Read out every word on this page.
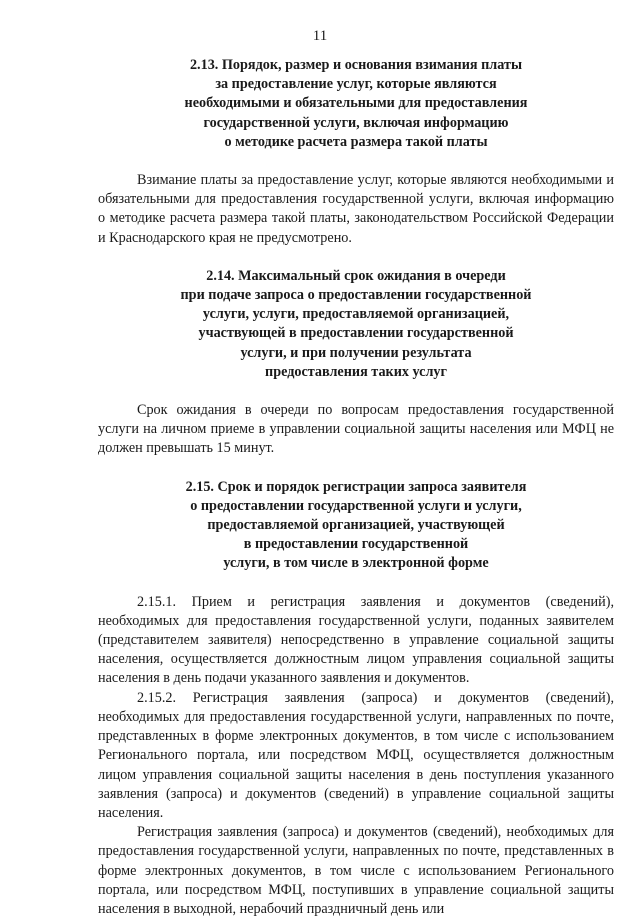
11
2.13. Порядок, размер и основания взимания платы
за предоставление услуг, которые являются
необходимыми и обязательными для предоставления
государственной услуги, включая информацию
о методике расчета размера такой платы

Взимание платы за предоставление услуг, которые являются необходимыми и обязательными для предоставления государственной услуги, включая информацию о методике расчета размера такой платы, законодательством Российской Федерации и Краснодарского края не предусмотрено.

2.14. Максимальный срок ожидания в очереди
при подаче запроса о предоставлении государственной
услуги, услуги, предоставляемой организацией,
участвующей в предоставлении государственной
услуги, и при получении результата
предоставления таких услуг

Срок ожидания в очереди по вопросам предоставления государственной услуги на личном приеме в управлении социальной защиты населения или МФЦ не должен превышать 15 минут.

2.15. Срок и порядок регистрации запроса заявителя
о предоставлении государственной услуги и услуги,
предоставляемой организацией, участвующей
в предоставлении государственной
услуги, в том числе в электронной форме

2.15.1. Прием и регистрация заявления и документов (сведений), необходимых для предоставления государственной услуги, поданных заявителем (представителем заявителя) непосредственно в управление социальной защиты населения, осуществляется должностным лицом управления социальной защиты населения в день подачи указанного заявления и документов.

2.15.2. Регистрация заявления (запроса) и документов (сведений), необходимых для предоставления государственной услуги, направленных по почте, представленных в форме электронных документов, в том числе с использованием Регионального портала, или посредством МФЦ, осуществляется должностным лицом управления социальной защиты населения в день поступления указанного заявления (запроса) и документов (сведений) в управление социальной защиты населения.

Регистрация заявления (запроса) и документов (сведений), необходимых для предоставления государственной услуги, направленных по почте, представленных в форме электронных документов, в том числе с использованием Регионального портала, или посредством МФЦ, поступивших в управление социальной защиты населения в выходной, нерабочий праздничный день или
